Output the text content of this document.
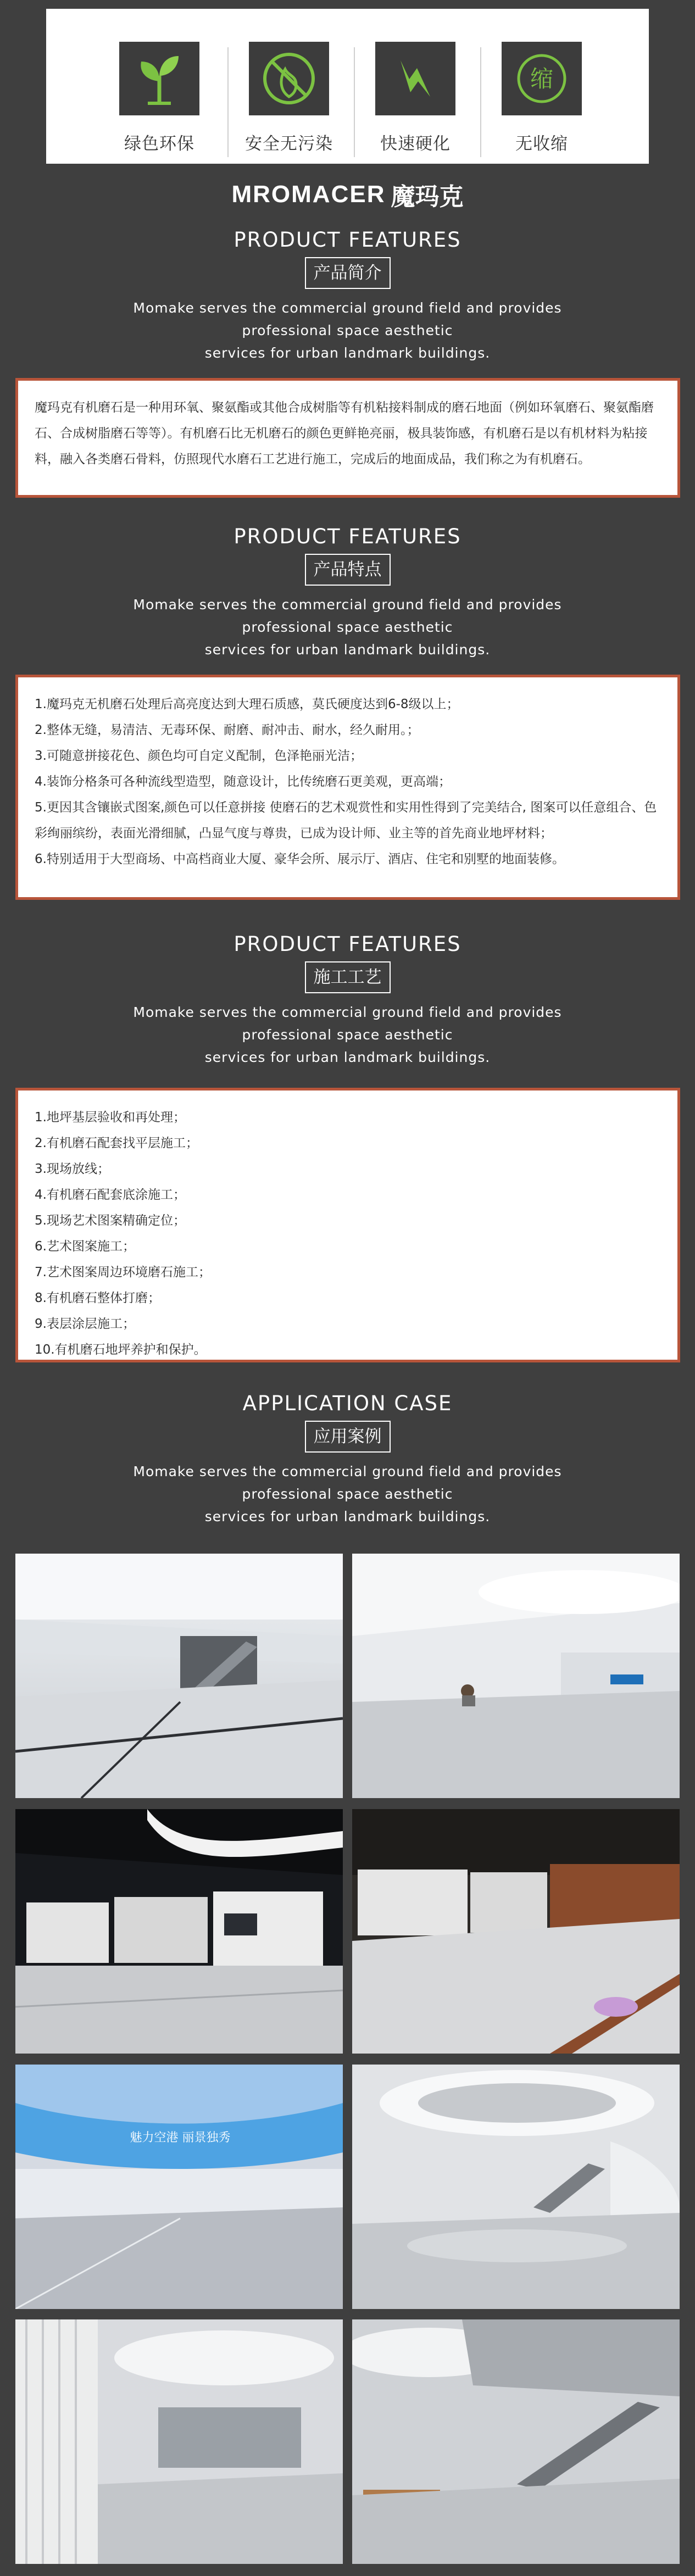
绿色环保	安全无污染	快速硬化
缩
无收缩
MROMACER 魔玛克
PRODUCT FEATURES
产品简介
Momake serves the commercial ground field and provides
professional space aesthetic
services for urban landmark buildings.

魔玛克有机磨石是一种用环氧、聚氨酯或其他合成树脂等有机粘接料制成的磨石地面（例如环氧磨石、聚氨酯磨石、合成树脂磨石等等）。有机磨石比无机磨石的颜色更鲜艳亮丽，极具装饰感，有机磨石是以有机材料为粘接料，融入各类磨石骨料，仿照现代水磨石工艺进行施工，完成后的地面成品，我们称之为有机磨石。

PRODUCT FEATURES
产品特点
Momake serves the commercial ground field and provides
professional space aesthetic
services for urban landmark buildings.

1.魔玛克无机磨石处理后高亮度达到大理石质感，莫氏硬度达到6-8级以上；

2.整体无缝，易清洁、无毒环保、耐磨、耐冲击、耐水，经久耐用。；

3.可随意拼接花色、颜色均可自定义配制，色泽艳丽光洁；

4.装饰分格条可各种流线型造型，随意设计，比传统磨石更美观，更高端；

5.更因其含镶嵌式图案,颜色可以任意拼接 使磨石的艺术观赏性和实用性得到了完美结合, 图案可以任意组合、色彩绚丽缤纷，表面光滑细腻，凸显气度与尊贵，已成为设计师、业主等的首先商业地坪材料；

6.特别适用于大型商场、中高档商业大厦、豪华会所、展示厅、酒店、住宅和别墅的地面装修。

PRODUCT FEATURES
施工工艺
Momake serves the commercial ground field and provides
professional space aesthetic
services for urban landmark buildings.

1.地坪基层验收和再处理；

2.有机磨石配套找平层施工；

3.现场放线；

4.有机磨石配套底涂施工；

5.现场艺术图案精确定位；

6.艺术图案施工；

7.艺术图案周边环境磨石施工；

8.有机磨石整体打磨；

9.表层涂层施工；

10.有机磨石地坪养护和保护。

APPLICATION CASE
应用案例
Momake serves the commercial ground field and provides
professional space aesthetic
services for urban landmark buildings.
魅力空港 丽景独秀
